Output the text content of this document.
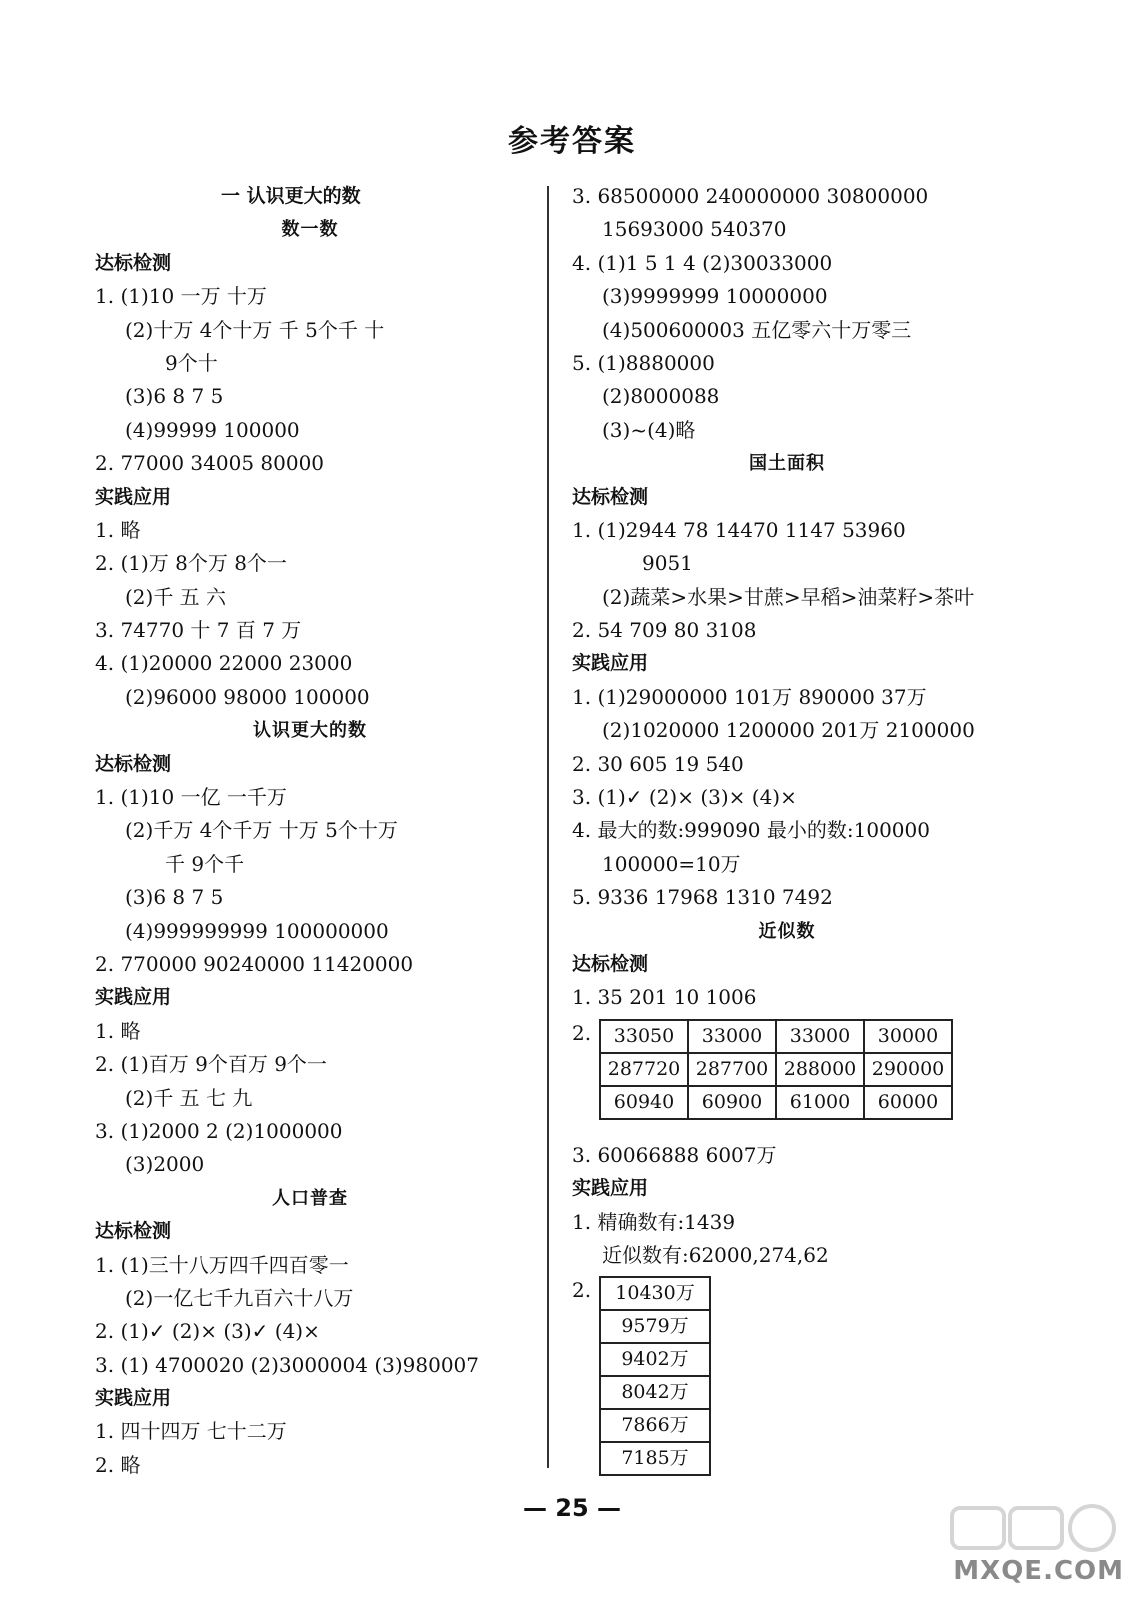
参考答案
一 认识更大的数
数一数
达标检测
1. (1)10 一万 十万
(2)十万 4个十万 千 5个千 十
9个十
(3)6 8 7 5
(4)99999 100000
2. 77000 34005 80000
实践应用
1. 略
2. (1)万 8个万 8个一
(2)千 五 六
3. 74770 十 7 百 7 万
4. (1)20000 22000 23000
(2)96000 98000 100000
认识更大的数
达标检测
1. (1)10 一亿 一千万
(2)千万 4个千万 十万 5个十万
千 9个千
(3)6 8 7 5
(4)999999999 100000000
2. 770000 90240000 11420000
实践应用
1. 略
2. (1)百万 9个百万 9个一
(2)千 五 七 九
3. (1)2000 2 (2)1000000
(3)2000
人口普查
达标检测
1. (1)三十八万四千四百零一
(2)一亿七千九百六十八万
2. (1)✓ (2)× (3)✓ (4)×
3. (1) 4700020 (2)3000004 (3)980007
实践应用
1. 四十四万 七十二万
2. 略
3. 68500000 240000000 30800000
15693000 540370
4. (1)1 5 1 4 (2)30033000
(3)9999999 10000000
(4)500600003 五亿零六十万零三
5. (1)8880000
(2)8000088
(3)~(4)略
国土面积
达标检测
1. (1)2944 78 14470 1147 53960
9051
(2)蔬菜>水果>甘蔗>早稻>油菜籽>茶叶
2. 54 709 80 3108
实践应用
1. (1)29000000 101万 890000 37万
(2)1020000 1200000 201万 2100000
2. 30 605 19 540
3. (1)✓ (2)× (3)× (4)×
4. 最大的数:999090 最小的数:100000
100000=10万
5. 9336 17968 1310 7492
近似数
达标检测
1. 35 201 10 1006
2. 33050	33000	33000	30000
287720	287700	288000	290000
60940	60900	61000	60000
3. 60066888 6007万
实践应用
1. 精确数有:1439
近似数有:62000,274,62
2. 10430万
9579万
9402万
8042万
7866万
7185万
— 25 —
MXQE.COM
